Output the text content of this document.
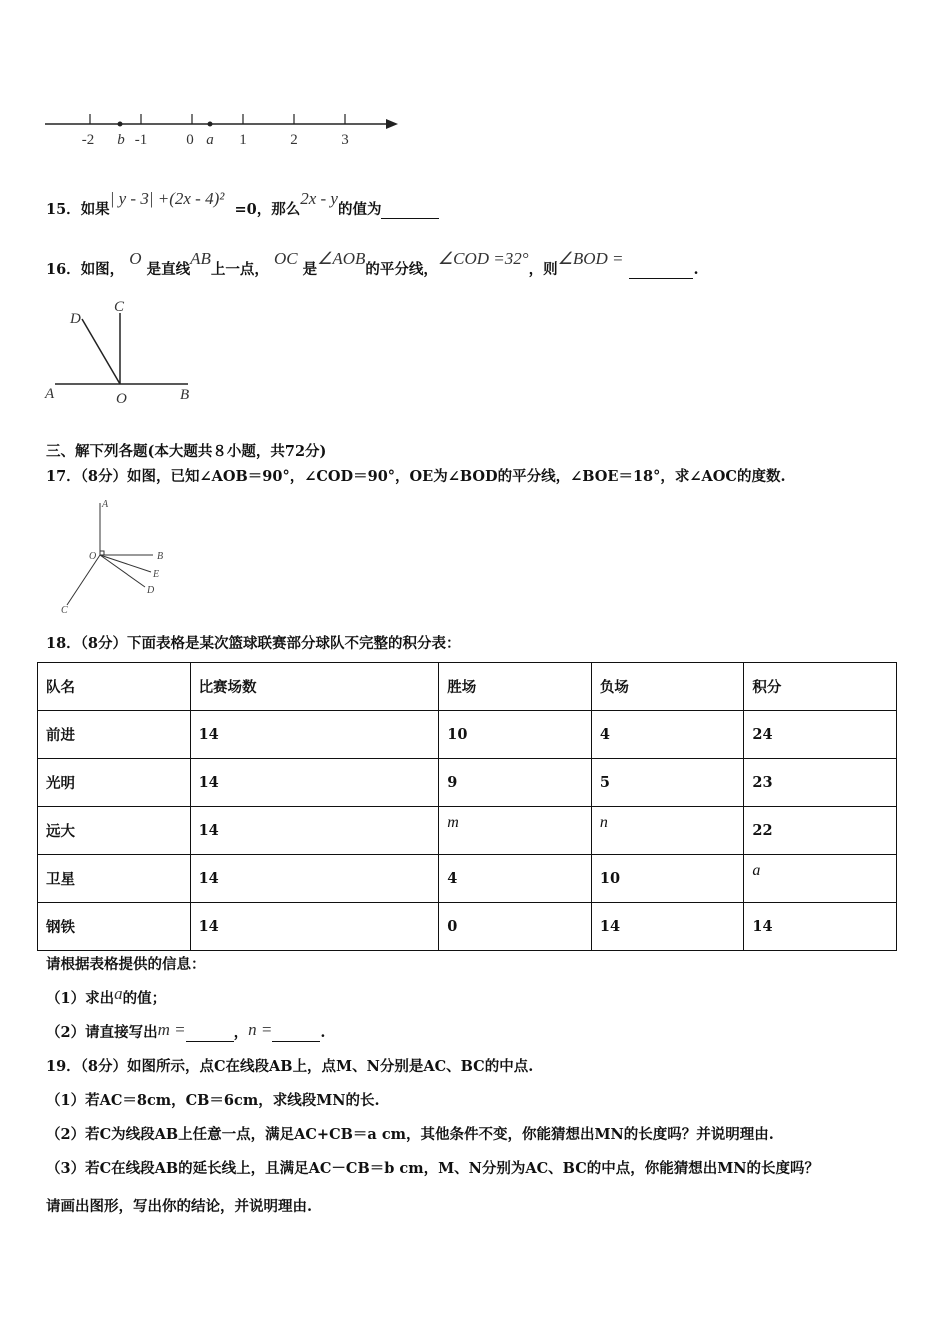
-2	-1	0	1	2	3
b	a
15．如果| y - 3| +(2x - 4)²  =0，那么2x - y的值为
16．如图， O 是直线AB上一点， OC 是∠AOB的平分线，∠COD =32°，则∠BOD = .
D
C
A	O	B
三、解下列各题(本大题共８小题，共72分)
17．（8分）如图，已知∠AOB＝90°，∠COD＝90°，OE为∠BOD的平分线，∠BOE＝18°，求∠AOC的度数.
A
O	B
E
D
C
18．（8分）下面表格是某次篮球联赛部分球队不完整的积分表：
队名	比赛场数	胜场	负场	积分
前进	14	10	4	24
光明	14	9	5	23
远大	14	m	n	22
卫星	14	4	10	a
钢铁	14	0	14	14
请根据表格提供的信息：
（1）求出a的值；
（2）请直接写出m =	，n =	.
19．（8分）如图所示，点C在线段AB上，点M、N分别是AC、BC的中点.
（1）若AC＝8cm，CB＝6cm，求线段MN的长.
（2）若C为线段AB上任意一点，满足AC+CB＝a cm，其他条件不变，你能猜想出MN的长度吗？并说明理由.
（3）若C在线段AB的延长线上，且满足AC－CB＝b cm，M、N分别为AC、BC的中点，你能猜想出MN的长度吗？
请画出图形，写出你的结论，并说明理由.
